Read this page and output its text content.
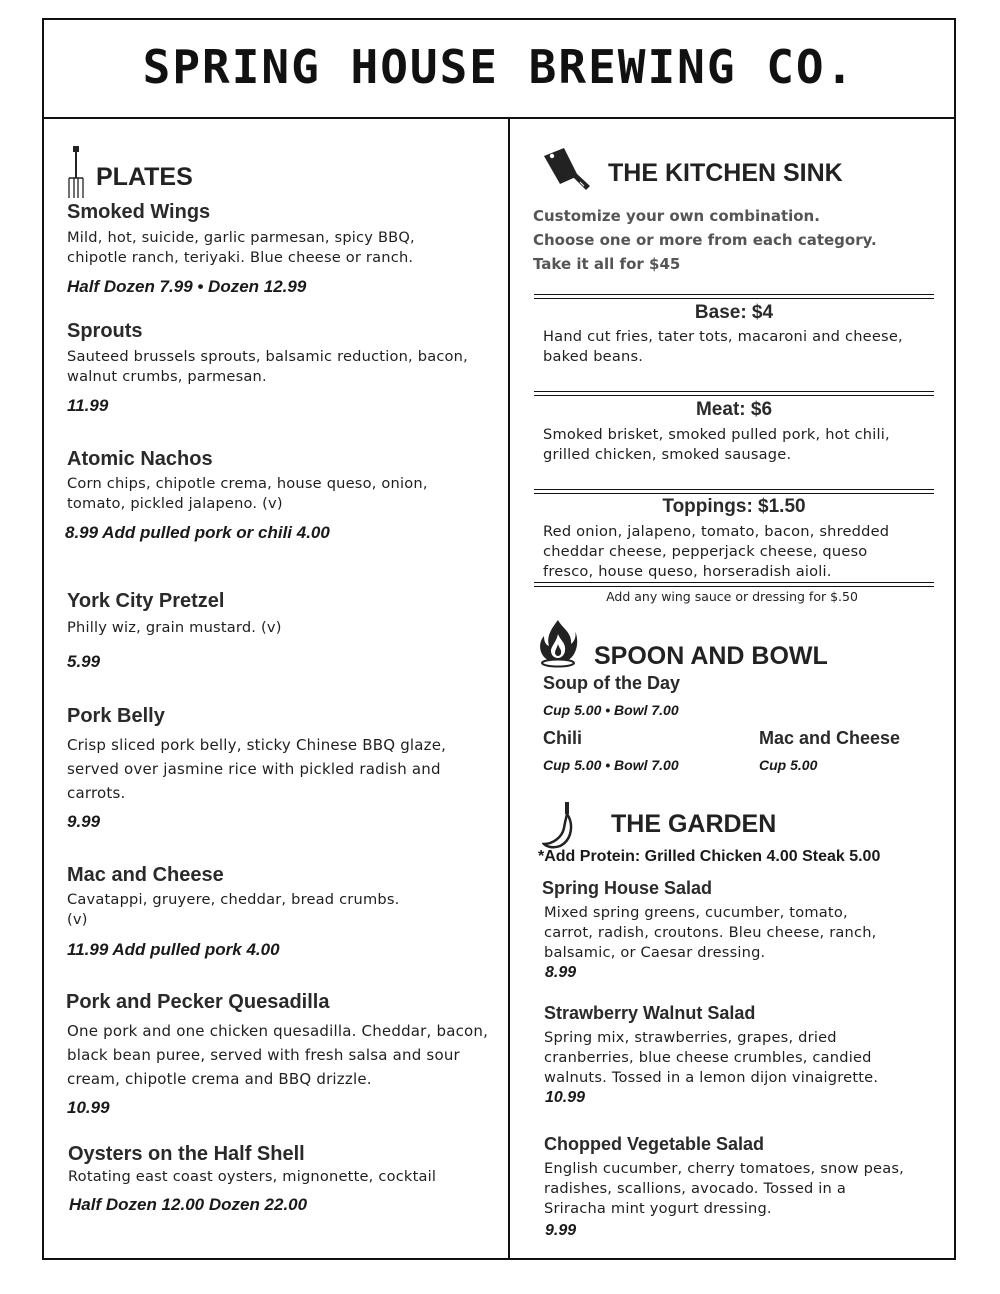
SPRING HOUSE BREWING CO.
PLATES
Smoked Wings
Mild, hot, suicide, garlic parmesan, spicy BBQ,
chipotle ranch, teriyaki. Blue cheese or ranch.
Half Dozen 7.99 • Dozen 12.99
Sprouts
Sauteed brussels sprouts, balsamic reduction, bacon,
walnut crumbs, parmesan.
11.99
Atomic Nachos
Corn chips, chipotle crema, house queso, onion,
tomato, pickled jalapeno. (v)
8.99 Add pulled pork or chili 4.00
York City Pretzel
Philly wiz, grain mustard. (v)
5.99
Pork Belly
Crisp sliced pork belly, sticky Chinese BBQ glaze,
served over jasmine rice with pickled radish and
carrots.
9.99
Mac and Cheese
Cavatappi, gruyere, cheddar, bread crumbs.
(v)
11.99 Add pulled pork 4.00
Pork and Pecker Quesadilla
One pork and one chicken quesadilla. Cheddar, bacon,
black bean puree, served with fresh salsa and sour
cream, chipotle crema and BBQ drizzle.
10.99
Oysters on the Half Shell
Rotating east coast oysters, mignonette, cocktail
Half Dozen 12.00 Dozen 22.00
THE KITCHEN SINK
Customize your own combination.
Choose one or more from each category.
Take it all for $45
Base: $4
Hand cut fries, tater tots, macaroni and cheese,
baked beans.
Meat: $6
Smoked brisket, smoked pulled pork, hot chili,
grilled chicken, smoked sausage.
Toppings: $1.50
Red onion, jalapeno, tomato, bacon, shredded
cheddar cheese, pepperjack cheese, queso
fresco, house queso, horseradish aioli.
Add any wing sauce or dressing for $.50
SPOON AND BOWL
Soup of the Day
Cup 5.00 • Bowl 7.00
Chili
Cup 5.00 • Bowl 7.00
Mac and Cheese
Cup 5.00
THE GARDEN
*Add Protein: Grilled Chicken 4.00 Steak 5.00
Spring House Salad
Mixed spring greens, cucumber, tomato,
carrot, radish, croutons. Bleu cheese, ranch,
balsamic, or Caesar dressing.
8.99
Strawberry Walnut Salad
Spring mix, strawberries, grapes, dried
cranberries, blue cheese crumbles, candied
walnuts. Tossed in a lemon dijon vinaigrette.
10.99
Chopped Vegetable Salad
English cucumber, cherry tomatoes, snow peas,
radishes, scallions, avocado. Tossed in a
Sriracha mint yogurt dressing.
9.99
